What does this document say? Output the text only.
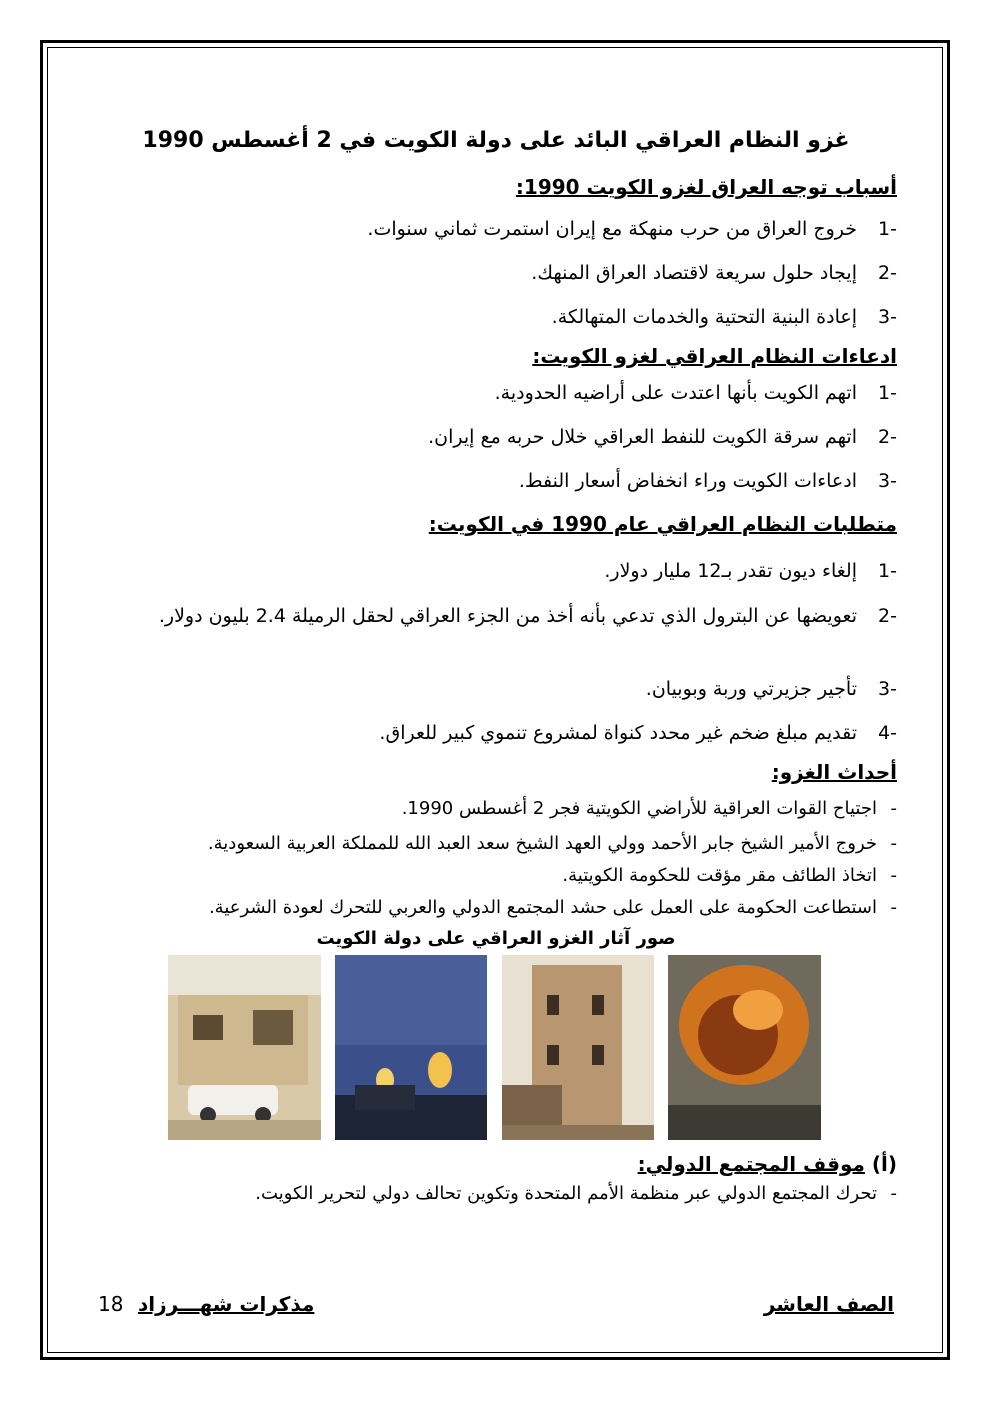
غزو النظام العراقي البائد على دولة الكويت في 2 أغسطس 1990
أسباب توجه العراق لغزو الكويت 1990:
-1خروج العراق من حرب منهكة مع إيران استمرت ثماني سنوات.
-2إيجاد حلول سريعة لاقتصاد العراق المنهك.
-3إعادة البنية التحتية والخدمات المتهالكة.
ادعاءات النظام العراقي لغزو الكويت:
-1اتهم الكويت بأنها اعتدت على أراضيه الحدودية.
-2اتهم سرقة الكويت للنفط العراقي خلال حربه مع إيران.
-3ادعاءات الكويت وراء انخفاض أسعار النفط.
متطلبات النظام العراقي عام 1990 في الكويت:
-1إلغاء ديون تقدر بـ12 مليار دولار.
-2تعويضها عن البترول الذي تدعي بأنه أخذ من الجزء العراقي لحقل الرميلة 2.4 بليون دولار.
-3تأجير جزيرتي وربة وبوبيان.
-4تقديم مبلغ ضخم غير محدد كنواة لمشروع تنموي كبير للعراق.
أحداث الغزو:
-اجتياح القوات العراقية للأراضي الكويتية فجر 2 أغسطس 1990.
-خروج الأمير الشيخ جابر الأحمد وولي العهد الشيخ سعد العبد الله للمملكة العربية السعودية.
-اتخاذ الطائف مقر مؤقت للحكومة الكويتية.
-استطاعت الحكومة على العمل على حشد المجتمع الدولي والعربي للتحرك لعودة الشرعية.
صور آثار الغزو العراقي على دولة الكويت
(أ) موقف المجتمع الدولي:
-تحرك المجتمع الدولي عبر منظمة الأمم المتحدة وتكوين تحالف دولي لتحرير الكويت.
الصف العاشر
مذكرات شهـــرزاد
18
